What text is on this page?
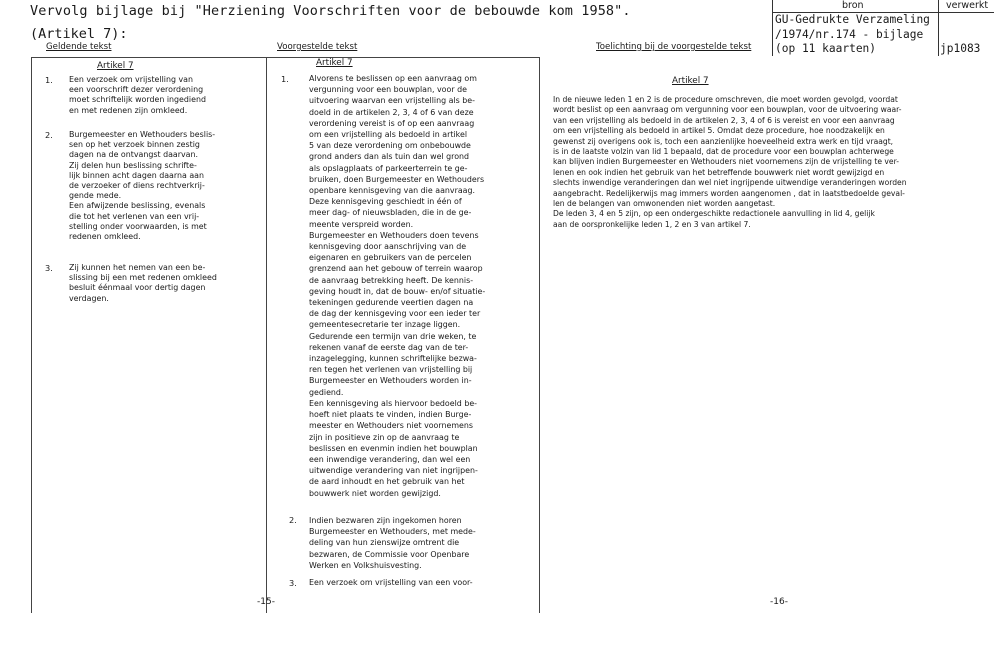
Vervolg bijlage bij "Herziening Voorschriften voor de bebouwde kom 1958".
(Artikel 7):
bron	verwerkt
GU-Gedrukte Verzameling
/1974/nr.174 - bijlage
(op 11 kaarten)	jp1083
Geldende tekst	Voorgestelde tekst	Toelichting bij de voorgestelde tekst
Artikel 7
1. Een verzoek om vrijstelling van
een voorschrift dezer verordening
moet schriftelijk worden ingediend
en met redenen zijn omkleed.
2. Burgemeester en Wethouders beslis-
sen op het verzoek binnen zestig
dagen na de ontvangst daarvan.
Zij delen hun beslissing schrifte-
lijk binnen acht dagen daarna aan
de verzoeker of diens rechtverkrij-
gende mede.
Een afwijzende beslissing, evenals
die tot het verlenen van een vrij-
stelling onder voorwaarden, is met
redenen omkleed.
3. Zij kunnen het nemen van een be-
slissing bij een met redenen omkleed
besluit éénmaal voor dertig dagen
verdagen.
Artikel 7
1.	Alvorens te beslissen op een aanvraag om
vergunning voor een bouwplan, voor de
uitvoering waarvan een vrijstelling als be-
doeld in de artikelen 2, 3, 4 of 6 van deze
verordening vereist is of op een aanvraag
om een vrijstelling als bedoeld in artikel
5 van deze verordening om onbebouwde
grond anders dan als tuin dan wel grond
als opslagplaats of parkeerterrein te ge-
bruiken, doen Burgemeester en Wethouders
openbare kennisgeving van die aanvraag.
Deze kennisgeving geschiedt in één of
meer dag- of nieuwsbladen, die in de ge-
meente verspreid worden.
Burgemeester en Wethouders doen tevens
kennisgeving door aanschrijving van de
eigenaren en gebruikers van de percelen
grenzend aan het gebouw of terrein waarop
de aanvraag betrekking heeft. De kennis-
geving houdt in, dat de bouw- en/of situatie-
tekeningen gedurende veertien dagen na
de dag der kennisgeving voor een ieder ter
gemeentesecretarie ter inzage liggen.
Gedurende een termijn van drie weken, te
rekenen vanaf de eerste dag van de ter-
inzagelegging, kunnen schriftelijke bezwa-
ren tegen het verlenen van vrijstelling bij
Burgemeester en Wethouders worden in-
gediend.
Een kennisgeving als hiervoor bedoeld be-
hoeft niet plaats te vinden, indien Burge-
meester en Wethouders niet voornemens
zijn in positieve zin op de aanvraag te
beslissen en evenmin indien het bouwplan
een inwendige verandering, dan wel een
uitwendige verandering van niet ingrijpen-
de aard inhoudt en het gebruik van het
bouwwerk niet worden gewijzigd.
2. Indien bezwaren zijn ingekomen horen
Burgemeester en Wethouders, met mede-
deling van hun zienswijze omtrent die
bezwaren, de Commissie voor Openbare
Werken en Volkshuisvesting.
3. Een verzoek om vrijstelling van een voor-
-15-
Artikel 7
In de nieuwe leden 1 en 2 is de procedure omschreven, die moet worden gevolgd, voordat
wordt beslist op een aanvraag om vergunning voor een bouwplan, voor de uitvoering waar-
van een vrijstelling als bedoeld in de artikelen 2, 3, 4 of 6 is vereist en voor een aanvraag
om een vrijstelling als bedoeld in artikel 5. Omdat deze procedure, hoe noodzakelijk en
gewenst zij overigens ook is, toch een aanzienlijke hoeveelheid extra werk en tijd vraagt,
is in de laatste volzin van lid 1 bepaald, dat de procedure voor een bouwplan achterwege
kan blijven indien Burgemeester en Wethouders niet voornemens zijn de vrijstelling te ver-
lenen en ook indien het gebruik van het betreffende bouwwerk niet wordt gewijzigd en
slechts inwendige veranderingen dan wel niet ingrijpende uitwendige veranderingen worden
aangebracht. Redelijkerwijs mag immers worden aangenomen , dat in laatstbedoelde geval-
len de belangen van omwonenden niet worden aangetast.
De leden 3, 4 en 5 zijn, op een ondergeschikte redactionele aanvulling in lid 4, gelijk
aan de oorspronkelijke leden 1, 2 en 3 van artikel 7.
-16-
